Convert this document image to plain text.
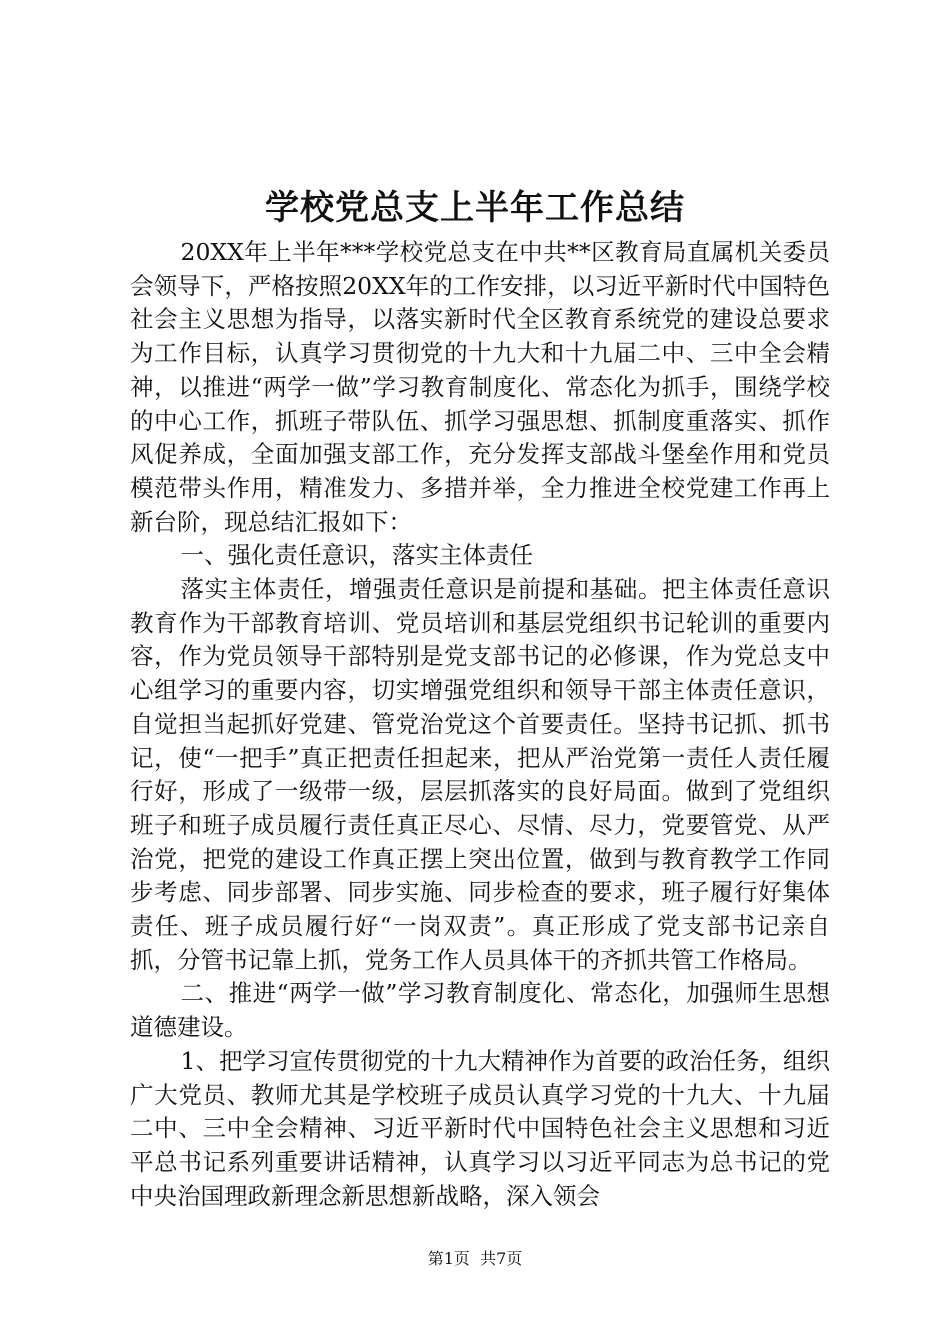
学校党总支上半年工作总结

20XX年上半年***学校党总支在中共**区教育局直属机关委员会领导下，严格按照20XX年的工作安排，以习近平新时代中国特色社会主义思想为指导，以落实新时代全区教育系统党的建设总要求为工作目标，认真学习贯彻党的十九大和十九届二中、三中全会精神，以推进“两学一做”学习教育制度化、常态化为抓手，围绕学校的中心工作，抓班子带队伍、抓学习强思想、抓制度重落实、抓作风促养成，全面加强支部工作，充分发挥支部战斗堡垒作用和党员模范带头作用，精准发力、多措并举，全力推进全校党建工作再上新台阶，现总结汇报如下：

一、强化责任意识，落实主体责任

落实主体责任，增强责任意识是前提和基础。把主体责任意识教育作为干部教育培训、党员培训和基层党组织书记轮训的重要内容，作为党员领导干部特别是党支部书记的必修课，作为党总支中心组学习的重要内容，切实增强党组织和领导干部主体责任意识，自觉担当起抓好党建、管党治党这个首要责任。坚持书记抓、抓书记，使“一把手”真正把责任担起来，把从严治党第一责任人责任履行好，形成了一级带一级，层层抓落实的良好局面。做到了党组织班子和班子成员履行责任真正尽心、尽情、尽力，党要管党、从严治党，把党的建设工作真正摆上突出位置，做到与教育教学工作同步考虑、同步部署、同步实施、同步检查的要求，班子履行好集体责任、班子成员履行好“一岗双责”。真正形成了党支部书记亲自抓，分管书记靠上抓，党务工作人员具体干的齐抓共管工作格局。

二、推进“两学一做”学习教育制度化、常态化，加强师生思想道德建设。

1、把学习宣传贯彻党的十九大精神作为首要的政治任务，组织广大党员、教师尤其是学校班子成员认真学习党的十九大、十九届二中、三中全会精神、习近平新时代中国特色社会主义思想和习近平总书记系列重要讲话精神，认真学习以习近平同志为总书记的党中央治国理政新理念新思想新战略，深入领会

第1页  共7页
